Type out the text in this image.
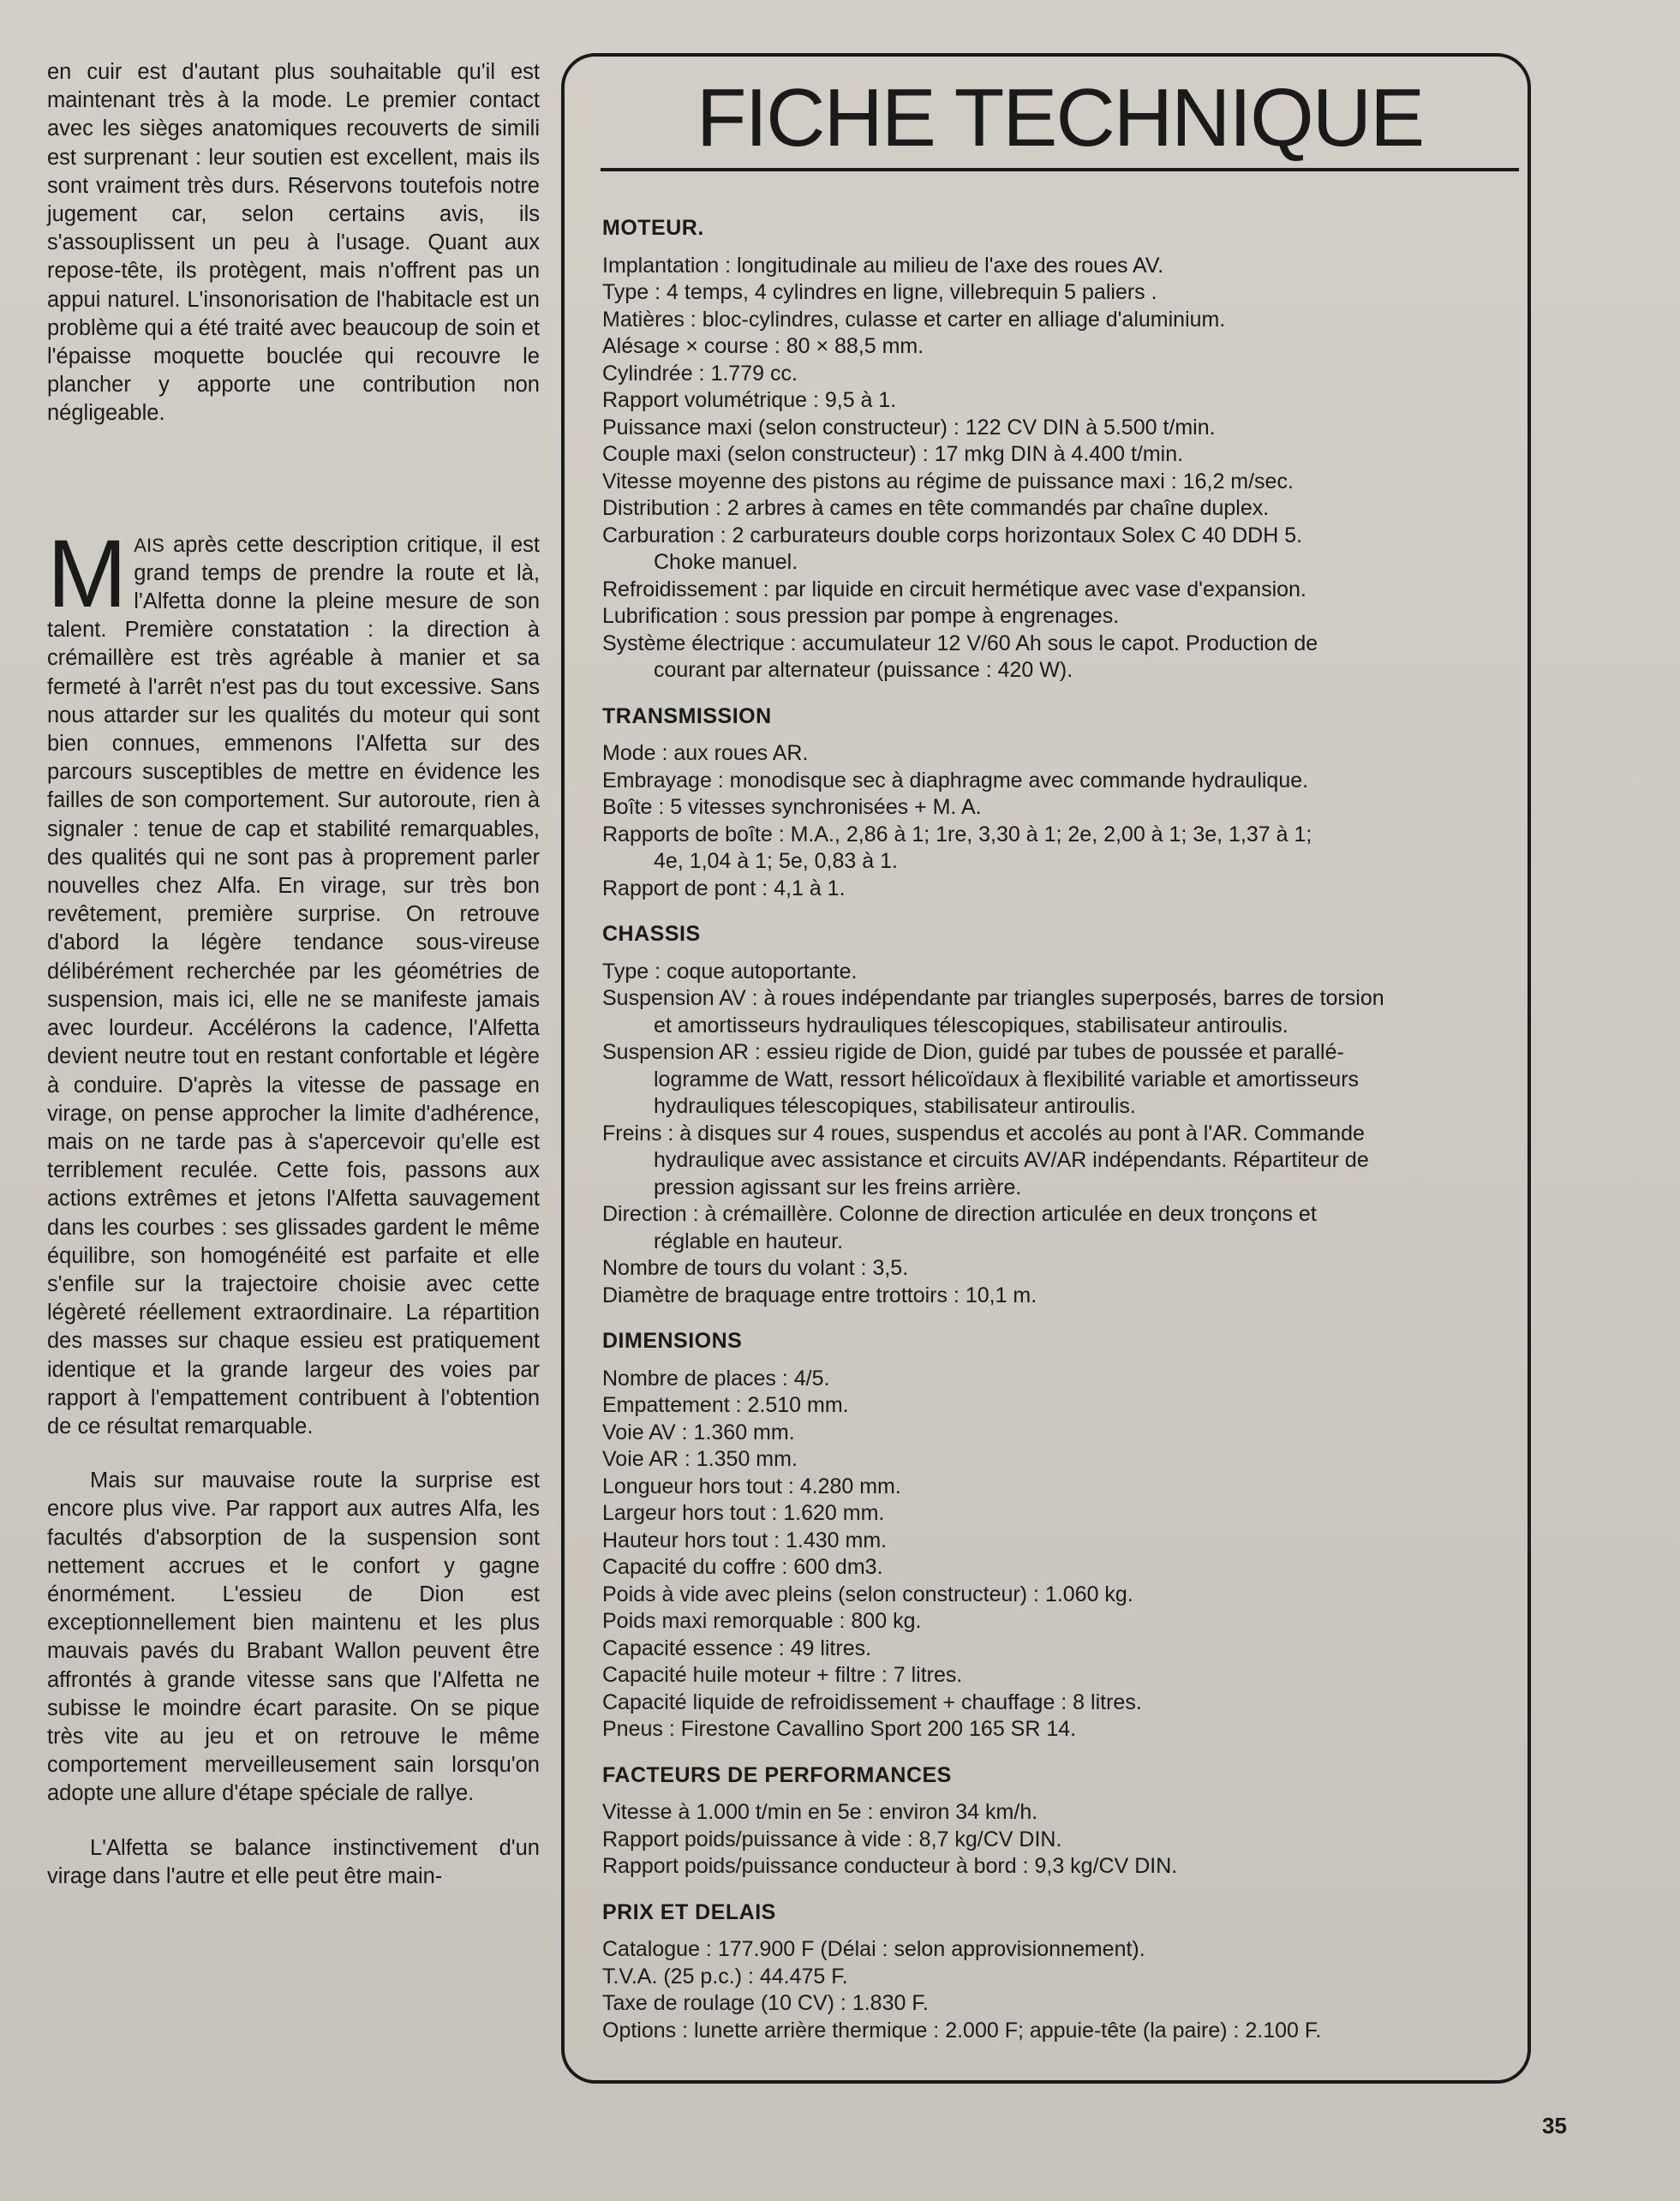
en cuir est d'autant plus souhaitable qu'il est maintenant très à la mode. Le premier contact avec les sièges anatomiques recouverts de simili est surprenant : leur soutien est excellent, mais ils sont vraiment très durs. Réservons toutefois notre jugement car, selon certains avis, ils s'assouplissent un peu à l'usage. Quant aux repose-tête, ils protègent, mais n'offrent pas un appui naturel. L'insonorisation de l'habitacle est un problème qui a été traité avec beaucoup de soin et l'épaisse moquette bouclée qui recouvre le plancher y apporte une contribution non négligeable.

MAIS après cette description critique, il est grand temps de prendre la route et là, l'Alfetta donne la pleine mesure de son talent. Première constatation : la direction à crémaillère est très agréable à manier et sa fermeté à l'arrêt n'est pas du tout excessive. Sans nous attarder sur les qualités du moteur qui sont bien connues, emmenons l'Alfetta sur des parcours susceptibles de mettre en évidence les failles de son comportement. Sur autoroute, rien à signaler : tenue de cap et stabilité remarquables, des qualités qui ne sont pas à proprement parler nouvelles chez Alfa. En virage, sur très bon revêtement, première surprise. On retrouve d'abord la légère tendance sous-vireuse délibérément recherchée par les géométries de suspension, mais ici, elle ne se manifeste jamais avec lourdeur. Accélérons la cadence, l'Alfetta devient neutre tout en restant confortable et légère à conduire. D'après la vitesse de passage en virage, on pense approcher la limite d'adhérence, mais on ne tarde pas à s'apercevoir qu'elle est terriblement reculée. Cette fois, passons aux actions extrêmes et jetons l'Alfetta sauvagement dans les courbes : ses glissades gardent le même équilibre, son homogénéité est parfaite et elle s'enfile sur la trajectoire choisie avec cette légèreté réellement extraordinaire. La répartition des masses sur chaque essieu est pratiquement identique et la grande largeur des voies par rapport à l'empattement contribuent à l'obtention de ce résultat remarquable.

Mais sur mauvaise route la surprise est encore plus vive. Par rapport aux autres Alfa, les facultés d'absorption de la suspension sont nettement accrues et le confort y gagne énormément. L'essieu de Dion est exceptionnellement bien maintenu et les plus mauvais pavés du Brabant Wallon peuvent être affrontés à grande vitesse sans que l'Alfetta ne subisse le moindre écart parasite. On se pique très vite au jeu et on retrouve le même comportement merveilleusement sain lorsqu'on adopte une allure d'étape spéciale de rallye.

L'Alfetta se balance instinctivement d'un virage dans l'autre et elle peut être main-

FICHE TECHNIQUE
MOTEUR.
Implantation : longitudinale au milieu de l'axe des roues AV.
Type : 4 temps, 4 cylindres en ligne, villebrequin 5 paliers .
Matières : bloc-cylindres, culasse et carter en alliage d'aluminium.
Alésage × course : 80 × 88,5 mm.
Cylindrée : 1.779 cc.
Rapport volumétrique : 9,5 à 1.
Puissance maxi (selon constructeur) : 122 CV DIN à 5.500 t/min.
Couple maxi (selon constructeur) : 17 mkg DIN à 4.400 t/min.
Vitesse moyenne des pistons au régime de puissance maxi : 16,2 m/sec.
Distribution : 2 arbres à cames en tête commandés par chaîne duplex.
Carburation : 2 carburateurs double corps horizontaux Solex C 40 DDH 5.
Choke manuel.
Refroidissement : par liquide en circuit hermétique avec vase d'expansion.
Lubrification : sous pression par pompe à engrenages.
Système électrique : accumulateur 12 V/60 Ah sous le capot. Production de
courant par alternateur (puissance : 420 W).
TRANSMISSION
Mode : aux roues AR.
Embrayage : monodisque sec à diaphragme avec commande hydraulique.
Boîte : 5 vitesses synchronisées + M. A.
Rapports de boîte : M.A., 2,86 à 1; 1re, 3,30 à 1; 2e, 2,00 à 1; 3e, 1,37 à 1;
4e, 1,04 à 1; 5e, 0,83 à 1.
Rapport de pont : 4,1 à 1.
CHASSIS
Type : coque autoportante.
Suspension AV : à roues indépendante par triangles superposés, barres de torsion
et amortisseurs hydrauliques télescopiques, stabilisateur antiroulis.
Suspension AR : essieu rigide de Dion, guidé par tubes de poussée et parallé-
logramme de Watt, ressort hélicoïdaux à flexibilité variable et amortisseurs
hydrauliques télescopiques, stabilisateur antiroulis.
Freins : à disques sur 4 roues, suspendus et accolés au pont à l'AR. Commande
hydraulique avec assistance et circuits AV/AR indépendants. Répartiteur de
pression agissant sur les freins arrière.
Direction : à crémaillère. Colonne de direction articulée en deux tronçons et
réglable en hauteur.
Nombre de tours du volant : 3,5.
Diamètre de braquage entre trottoirs : 10,1 m.
DIMENSIONS
Nombre de places : 4/5.
Empattement : 2.510 mm.
Voie AV : 1.360 mm.
Voie AR : 1.350 mm.
Longueur hors tout : 4.280 mm.
Largeur hors tout : 1.620 mm.
Hauteur hors tout : 1.430 mm.
Capacité du coffre : 600 dm3.
Poids à vide avec pleins (selon constructeur) : 1.060 kg.
Poids maxi remorquable : 800 kg.
Capacité essence : 49 litres.
Capacité huile moteur + filtre : 7 litres.
Capacité liquide de refroidissement + chauffage : 8 litres.
Pneus : Firestone Cavallino Sport 200 165 SR 14.
FACTEURS DE PERFORMANCES
Vitesse à 1.000 t/min en 5e : environ 34 km/h.
Rapport poids/puissance à vide : 8,7 kg/CV DIN.
Rapport poids/puissance conducteur à bord : 9,3 kg/CV DIN.
PRIX ET DELAIS
Catalogue : 177.900 F (Délai : selon approvisionnement).
T.V.A. (25 p.c.) : 44.475 F.
Taxe de roulage (10 CV) : 1.830 F.
Options : lunette arrière thermique : 2.000 F; appuie-tête (la paire) : 2.100 F.
35
